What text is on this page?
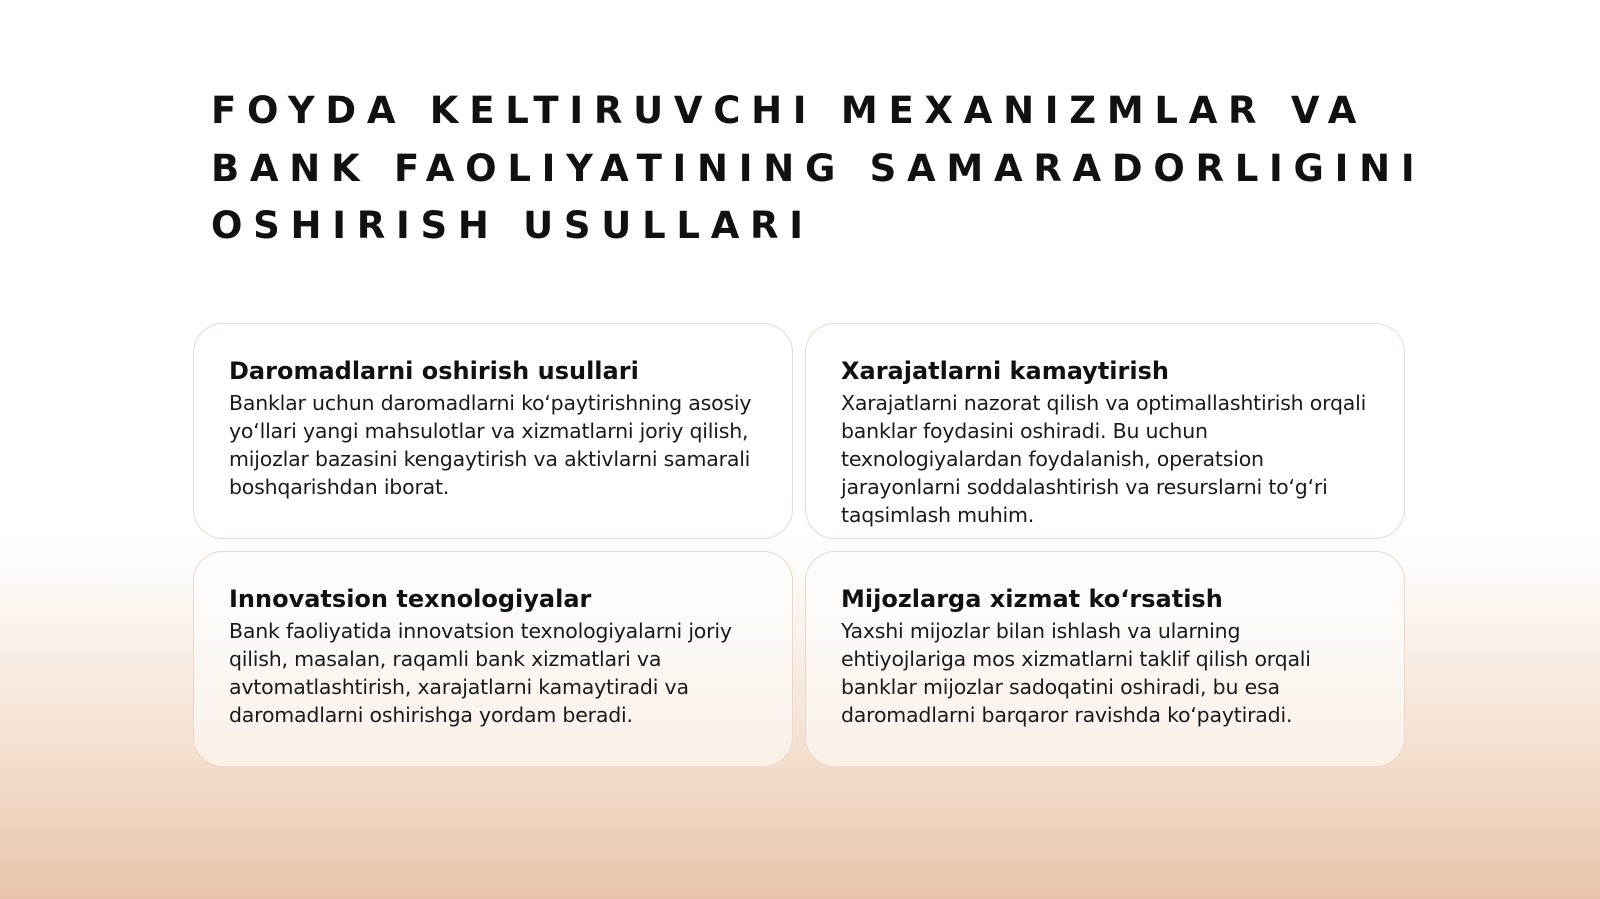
FOYDA KELTIRUVCHI MEXANIZMLAR VA
BANK FAOLIYATINING SAMARADORLIGINI
OSHIRISH USULLARI
Daromadlarni oshirish usullari

Banklar uchun daromadlarni ko‘paytirishning asosiy yo‘llari yangi mahsulotlar va xizmatlarni joriy qilish, mijozlar bazasini kengaytirish va aktivlarni samarali boshqarishdan iborat.

Xarajatlarni kamaytirish

Xarajatlarni nazorat qilish va optimallashtirish orqali banklar foydasini oshiradi. Bu uchun texnologiyalardan foydalanish, operatsion jarayonlarni soddalashtirish va resurslarni to‘g‘ri taqsimlash muhim.

Innovatsion texnologiyalar

Bank faoliyatida innovatsion texnologiyalarni joriy qilish, masalan, raqamli bank xizmatlari va avtomatlashtirish, xarajatlarni kamaytiradi va daromadlarni oshirishga yordam beradi.

Mijozlarga xizmat ko‘rsatish

Yaxshi mijozlar bilan ishlash va ularning ehtiyojlariga mos xizmatlarni taklif qilish orqali banklar mijozlar sadoqatini oshiradi, bu esa daromadlarni barqaror ravishda ko‘paytiradi.
